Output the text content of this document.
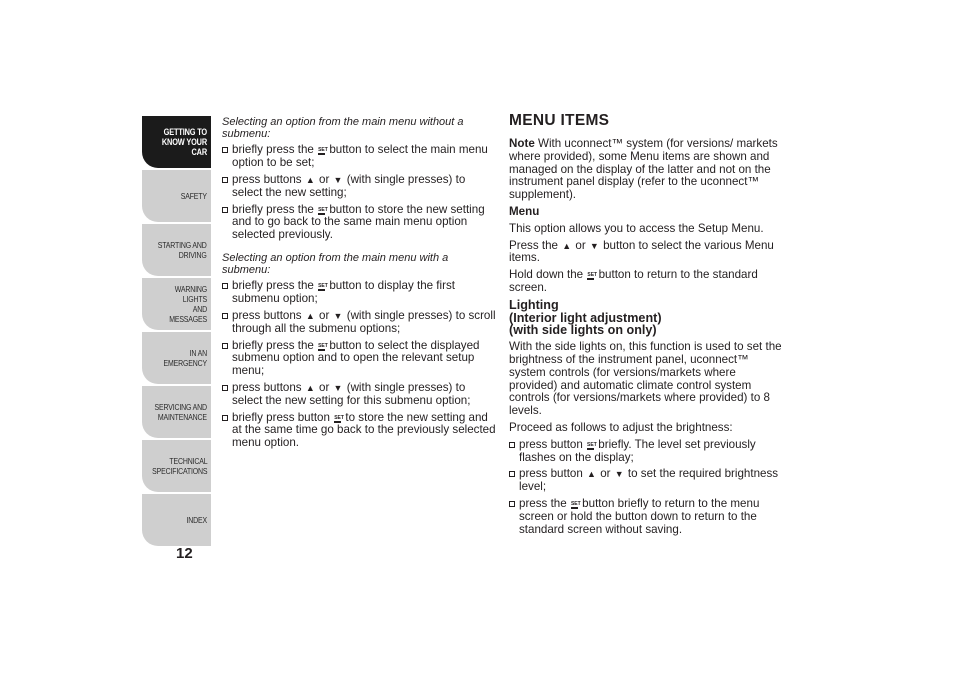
GETTING TO
KNOW YOUR CAR
SAFETY
STARTING AND
DRIVING
WARNING LIGHTS
AND MESSAGES
IN AN EMERGENCY
SERVICING AND
MAINTENANCE
TECHNICAL
SPECIFICATIONS
INDEX
12

Selecting an option from the main menu without a submenu:

briefly press the SET button to select the main menu option to be set;
press buttons ▲ or ▼ (with single presses) to select the new setting;
briefly press the SET button to store the new setting and to go back to the same main menu option selected previously.

Selecting an option from the main menu with a submenu:

briefly press the SET button to display the first submenu option;
press buttons ▲ or ▼ (with single presses) to scroll through all the submenu options;
briefly press the SET button to select the displayed submenu option and to open the relevant setup menu;
press buttons ▲ or ▼ (with single presses) to select the new setting for this submenu option;
briefly press button SET to store the new setting and at the same time go back to the previously selected menu option.
MENU ITEMS

Note With uconnect™ system (for versions/ markets where provided), some Menu items are shown and managed on the display of the latter and not on the instrument panel display (refer to the uconnect™ supplement).

Menu

This option allows you to access the Setup Menu.

Press the ▲ or ▼ button to select the various Menu items.

Hold down the SET button to return to the standard screen.

Lighting
(Interior light adjustment)
(with side lights on only)

With the side lights on, this function is used to set the brightness of the instrument panel, uconnect™ system controls (for versions/markets where provided) and automatic climate control system controls (for versions/markets where provided) to 8 levels.

Proceed as follows to adjust the brightness:

press button SET briefly. The level set previously flashes on the display;
press button ▲ or ▼ to set the required brightness level;
press the SET button briefly to return to the menu screen or hold the button down to return to the standard screen without saving.
